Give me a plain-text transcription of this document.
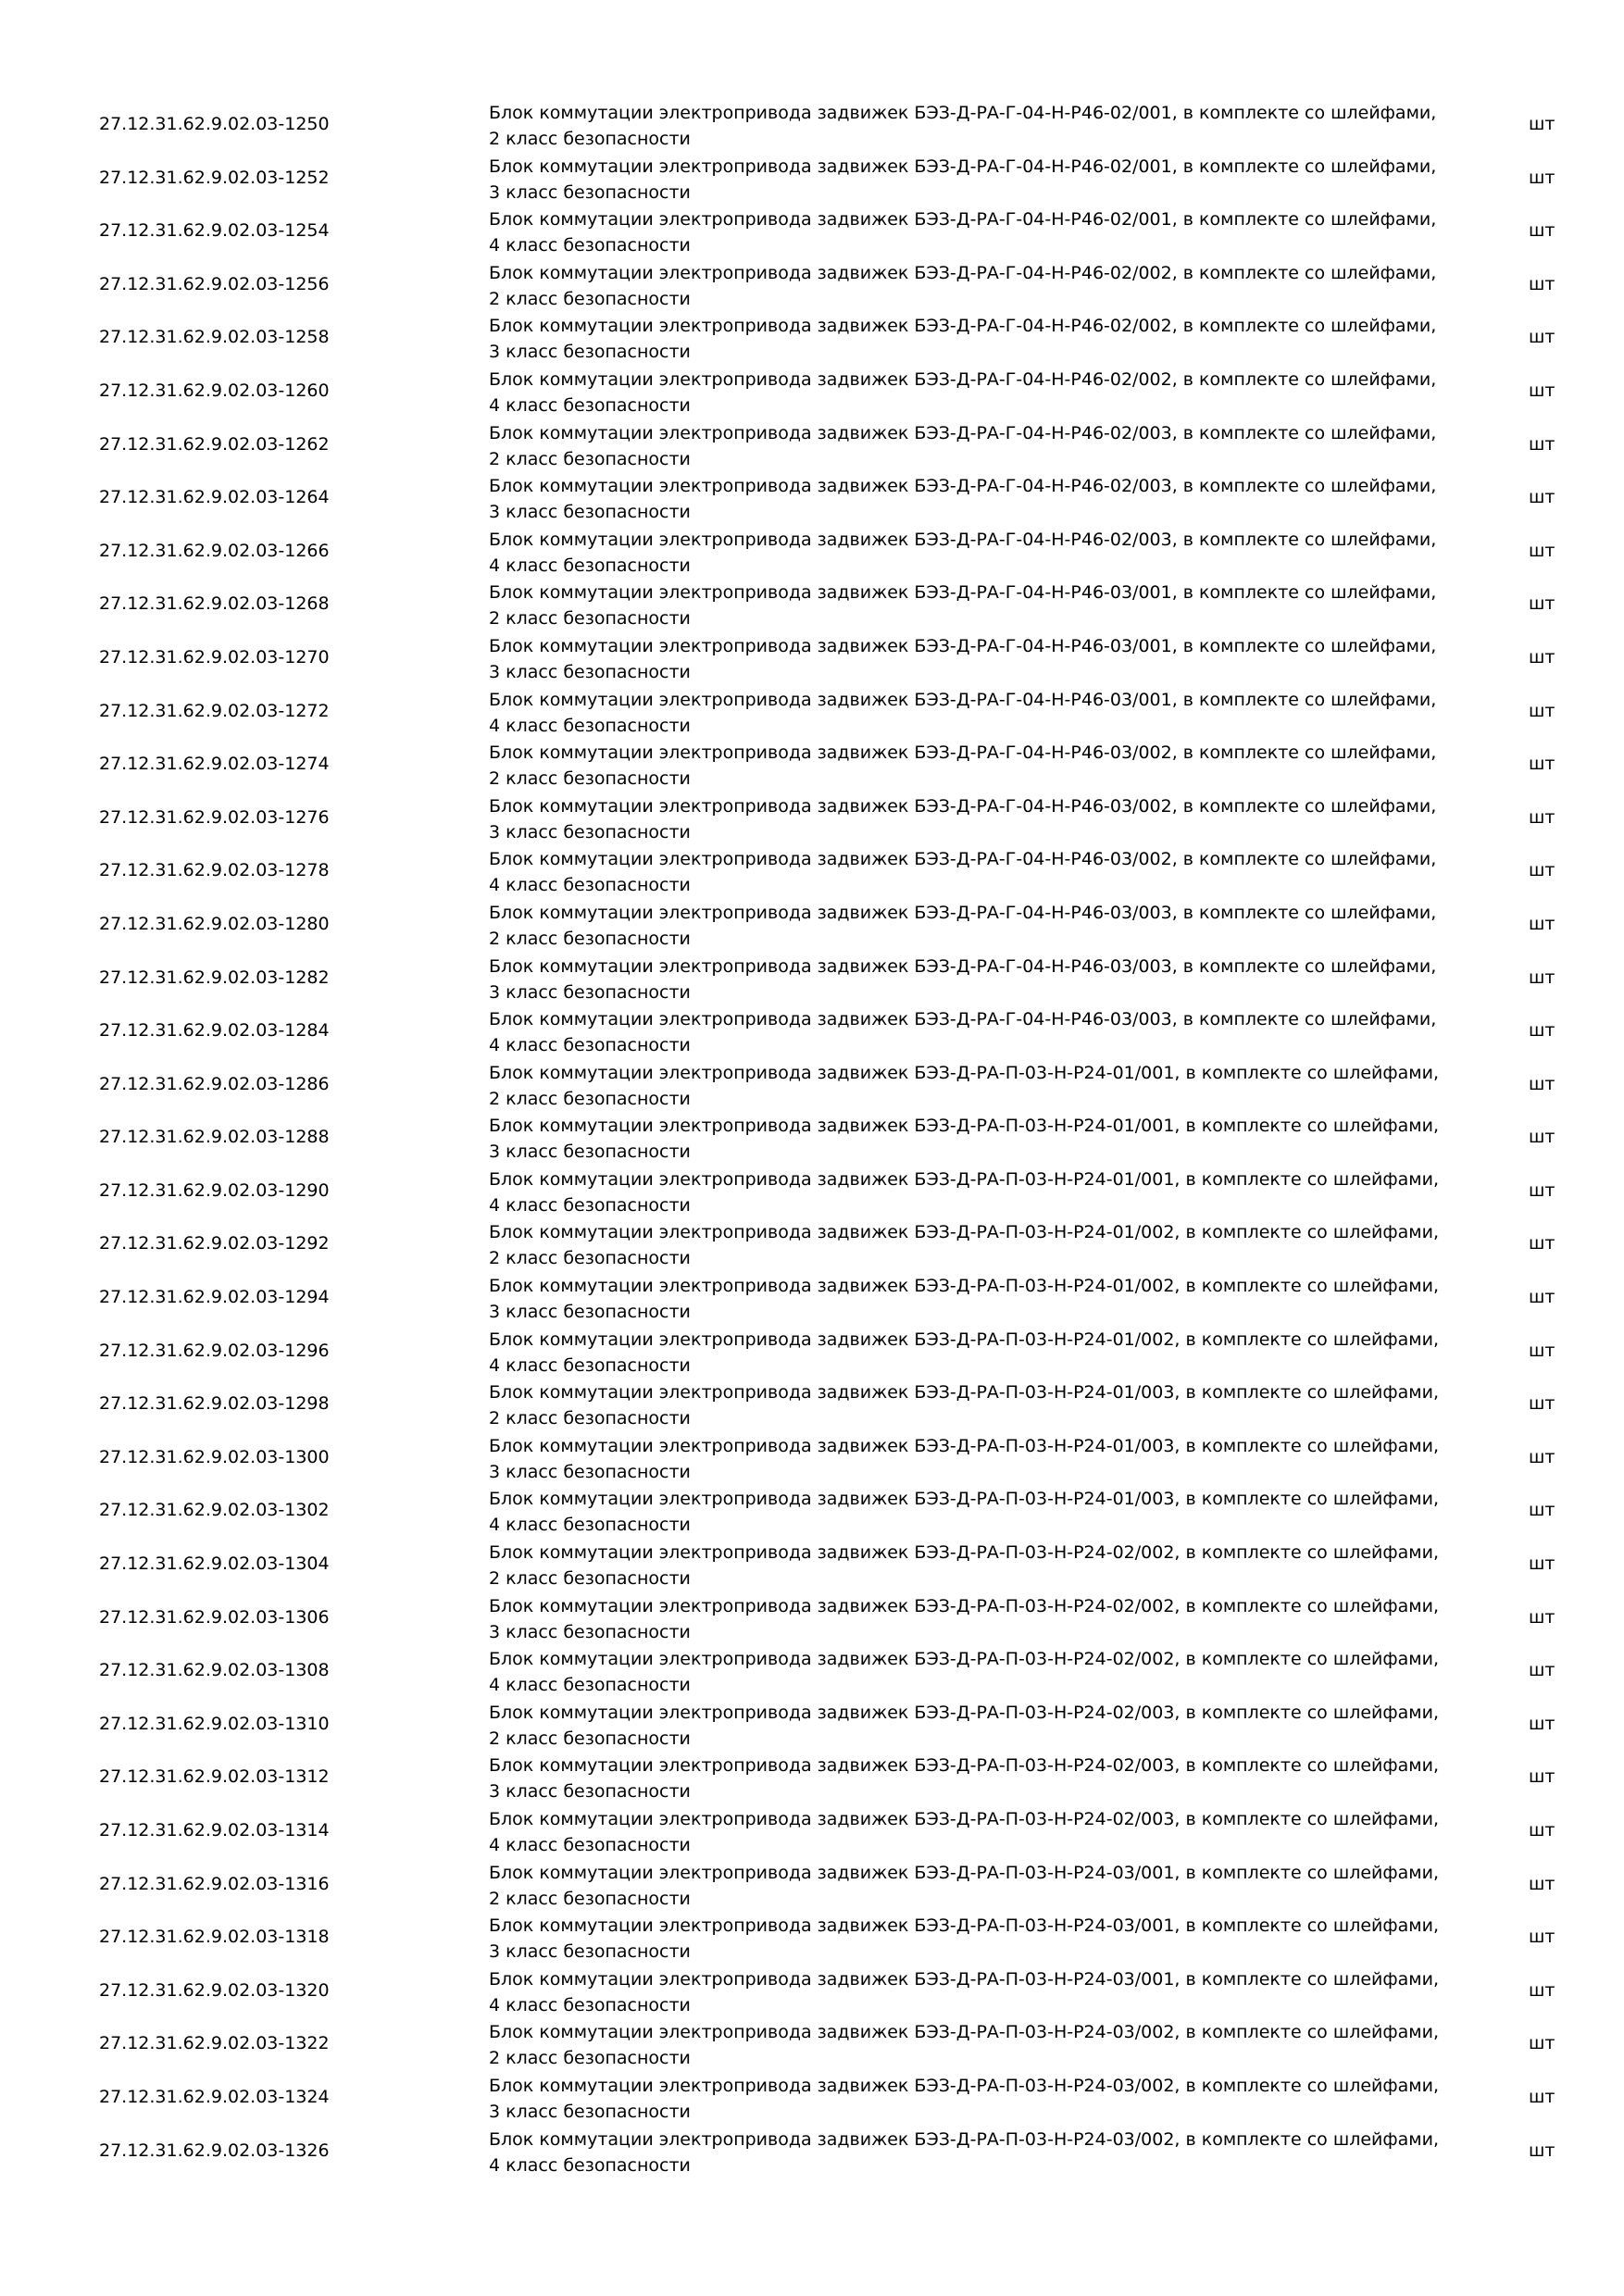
27.12.31.62.9.02.03-1250
Блок коммутации электропривода задвижек БЭЗ-Д-РА-Г-04-Н-Р46-02/001, в комплекте со шлейфами,
2 класс безопасности
шт
27.12.31.62.9.02.03-1252
Блок коммутации электропривода задвижек БЭЗ-Д-РА-Г-04-Н-Р46-02/001, в комплекте со шлейфами,
3 класс безопасности
шт
27.12.31.62.9.02.03-1254
Блок коммутации электропривода задвижек БЭЗ-Д-РА-Г-04-Н-Р46-02/001, в комплекте со шлейфами,
4 класс безопасности
шт
27.12.31.62.9.02.03-1256
Блок коммутации электропривода задвижек БЭЗ-Д-РА-Г-04-Н-Р46-02/002, в комплекте со шлейфами,
2 класс безопасности
шт
27.12.31.62.9.02.03-1258
Блок коммутации электропривода задвижек БЭЗ-Д-РА-Г-04-Н-Р46-02/002, в комплекте со шлейфами,
3 класс безопасности
шт
27.12.31.62.9.02.03-1260
Блок коммутации электропривода задвижек БЭЗ-Д-РА-Г-04-Н-Р46-02/002, в комплекте со шлейфами,
4 класс безопасности
шт
27.12.31.62.9.02.03-1262
Блок коммутации электропривода задвижек БЭЗ-Д-РА-Г-04-Н-Р46-02/003, в комплекте со шлейфами,
2 класс безопасности
шт
27.12.31.62.9.02.03-1264
Блок коммутации электропривода задвижек БЭЗ-Д-РА-Г-04-Н-Р46-02/003, в комплекте со шлейфами,
3 класс безопасности
шт
27.12.31.62.9.02.03-1266
Блок коммутации электропривода задвижек БЭЗ-Д-РА-Г-04-Н-Р46-02/003, в комплекте со шлейфами,
4 класс безопасности
шт
27.12.31.62.9.02.03-1268
Блок коммутации электропривода задвижек БЭЗ-Д-РА-Г-04-Н-Р46-03/001, в комплекте со шлейфами,
2 класс безопасности
шт
27.12.31.62.9.02.03-1270
Блок коммутации электропривода задвижек БЭЗ-Д-РА-Г-04-Н-Р46-03/001, в комплекте со шлейфами,
3 класс безопасности
шт
27.12.31.62.9.02.03-1272
Блок коммутации электропривода задвижек БЭЗ-Д-РА-Г-04-Н-Р46-03/001, в комплекте со шлейфами,
4 класс безопасности
шт
27.12.31.62.9.02.03-1274
Блок коммутации электропривода задвижек БЭЗ-Д-РА-Г-04-Н-Р46-03/002, в комплекте со шлейфами,
2 класс безопасности
шт
27.12.31.62.9.02.03-1276
Блок коммутации электропривода задвижек БЭЗ-Д-РА-Г-04-Н-Р46-03/002, в комплекте со шлейфами,
3 класс безопасности
шт
27.12.31.62.9.02.03-1278
Блок коммутации электропривода задвижек БЭЗ-Д-РА-Г-04-Н-Р46-03/002, в комплекте со шлейфами,
4 класс безопасности
шт
27.12.31.62.9.02.03-1280
Блок коммутации электропривода задвижек БЭЗ-Д-РА-Г-04-Н-Р46-03/003, в комплекте со шлейфами,
2 класс безопасности
шт
27.12.31.62.9.02.03-1282
Блок коммутации электропривода задвижек БЭЗ-Д-РА-Г-04-Н-Р46-03/003, в комплекте со шлейфами,
3 класс безопасности
шт
27.12.31.62.9.02.03-1284
Блок коммутации электропривода задвижек БЭЗ-Д-РА-Г-04-Н-Р46-03/003, в комплекте со шлейфами,
4 класс безопасности
шт
27.12.31.62.9.02.03-1286
Блок коммутации электропривода задвижек БЭЗ-Д-РА-П-03-Н-Р24-01/001, в комплекте со шлейфами,
2 класс безопасности
шт
27.12.31.62.9.02.03-1288
Блок коммутации электропривода задвижек БЭЗ-Д-РА-П-03-Н-Р24-01/001, в комплекте со шлейфами,
3 класс безопасности
шт
27.12.31.62.9.02.03-1290
Блок коммутации электропривода задвижек БЭЗ-Д-РА-П-03-Н-Р24-01/001, в комплекте со шлейфами,
4 класс безопасности
шт
27.12.31.62.9.02.03-1292
Блок коммутации электропривода задвижек БЭЗ-Д-РА-П-03-Н-Р24-01/002, в комплекте со шлейфами,
2 класс безопасности
шт
27.12.31.62.9.02.03-1294
Блок коммутации электропривода задвижек БЭЗ-Д-РА-П-03-Н-Р24-01/002, в комплекте со шлейфами,
3 класс безопасности
шт
27.12.31.62.9.02.03-1296
Блок коммутации электропривода задвижек БЭЗ-Д-РА-П-03-Н-Р24-01/002, в комплекте со шлейфами,
4 класс безопасности
шт
27.12.31.62.9.02.03-1298
Блок коммутации электропривода задвижек БЭЗ-Д-РА-П-03-Н-Р24-01/003, в комплекте со шлейфами,
2 класс безопасности
шт
27.12.31.62.9.02.03-1300
Блок коммутации электропривода задвижек БЭЗ-Д-РА-П-03-Н-Р24-01/003, в комплекте со шлейфами,
3 класс безопасности
шт
27.12.31.62.9.02.03-1302
Блок коммутации электропривода задвижек БЭЗ-Д-РА-П-03-Н-Р24-01/003, в комплекте со шлейфами,
4 класс безопасности
шт
27.12.31.62.9.02.03-1304
Блок коммутации электропривода задвижек БЭЗ-Д-РА-П-03-Н-Р24-02/002, в комплекте со шлейфами,
2 класс безопасности
шт
27.12.31.62.9.02.03-1306
Блок коммутации электропривода задвижек БЭЗ-Д-РА-П-03-Н-Р24-02/002, в комплекте со шлейфами,
3 класс безопасности
шт
27.12.31.62.9.02.03-1308
Блок коммутации электропривода задвижек БЭЗ-Д-РА-П-03-Н-Р24-02/002, в комплекте со шлейфами,
4 класс безопасности
шт
27.12.31.62.9.02.03-1310
Блок коммутации электропривода задвижек БЭЗ-Д-РА-П-03-Н-Р24-02/003, в комплекте со шлейфами,
2 класс безопасности
шт
27.12.31.62.9.02.03-1312
Блок коммутации электропривода задвижек БЭЗ-Д-РА-П-03-Н-Р24-02/003, в комплекте со шлейфами,
3 класс безопасности
шт
27.12.31.62.9.02.03-1314
Блок коммутации электропривода задвижек БЭЗ-Д-РА-П-03-Н-Р24-02/003, в комплекте со шлейфами,
4 класс безопасности
шт
27.12.31.62.9.02.03-1316
Блок коммутации электропривода задвижек БЭЗ-Д-РА-П-03-Н-Р24-03/001, в комплекте со шлейфами,
2 класс безопасности
шт
27.12.31.62.9.02.03-1318
Блок коммутации электропривода задвижек БЭЗ-Д-РА-П-03-Н-Р24-03/001, в комплекте со шлейфами,
3 класс безопасности
шт
27.12.31.62.9.02.03-1320
Блок коммутации электропривода задвижек БЭЗ-Д-РА-П-03-Н-Р24-03/001, в комплекте со шлейфами,
4 класс безопасности
шт
27.12.31.62.9.02.03-1322
Блок коммутации электропривода задвижек БЭЗ-Д-РА-П-03-Н-Р24-03/002, в комплекте со шлейфами,
2 класс безопасности
шт
27.12.31.62.9.02.03-1324
Блок коммутации электропривода задвижек БЭЗ-Д-РА-П-03-Н-Р24-03/002, в комплекте со шлейфами,
3 класс безопасности
шт
27.12.31.62.9.02.03-1326
Блок коммутации электропривода задвижек БЭЗ-Д-РА-П-03-Н-Р24-03/002, в комплекте со шлейфами,
4 класс безопасности
шт
